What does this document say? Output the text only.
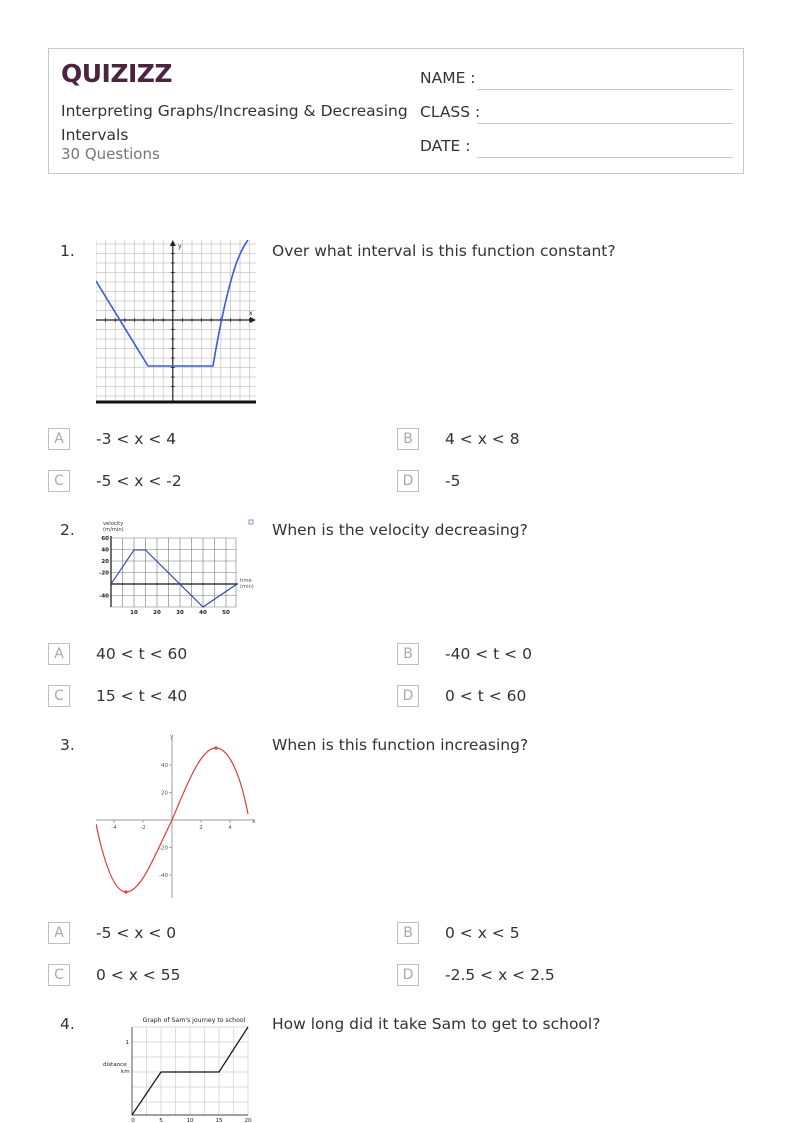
QUIZIZZ
Interpreting Graphs/Increasing & Decreasing Intervals
30 Questions
NAME :
CLASS :
DATE :
1.	Over what interval is this function constant?
y
x
A	-3 < x < 4	B	4 < x < 8
C	-5 < x < -2	D	-5
2.	When is the velocity decreasing?
velocity
(m/min)
time
(min)
60
40
20
-20
-40
10	20	30	40	50
A	40 < t < 60	B	-40 < t < 0
C	15 < t < 40	D	0 < t < 60
3.	When is this function increasing?
y
x
40
20
-20
-40
-4	-2	2	4
A	-5 < x < 0	B	0 < x < 5
C	0 < x < 55	D	-2.5 < x < 2.5
4.	How long did it take Sam to get to school?
Graph of Sam's journey to school
distance
km
1
0	5	10	15	20
